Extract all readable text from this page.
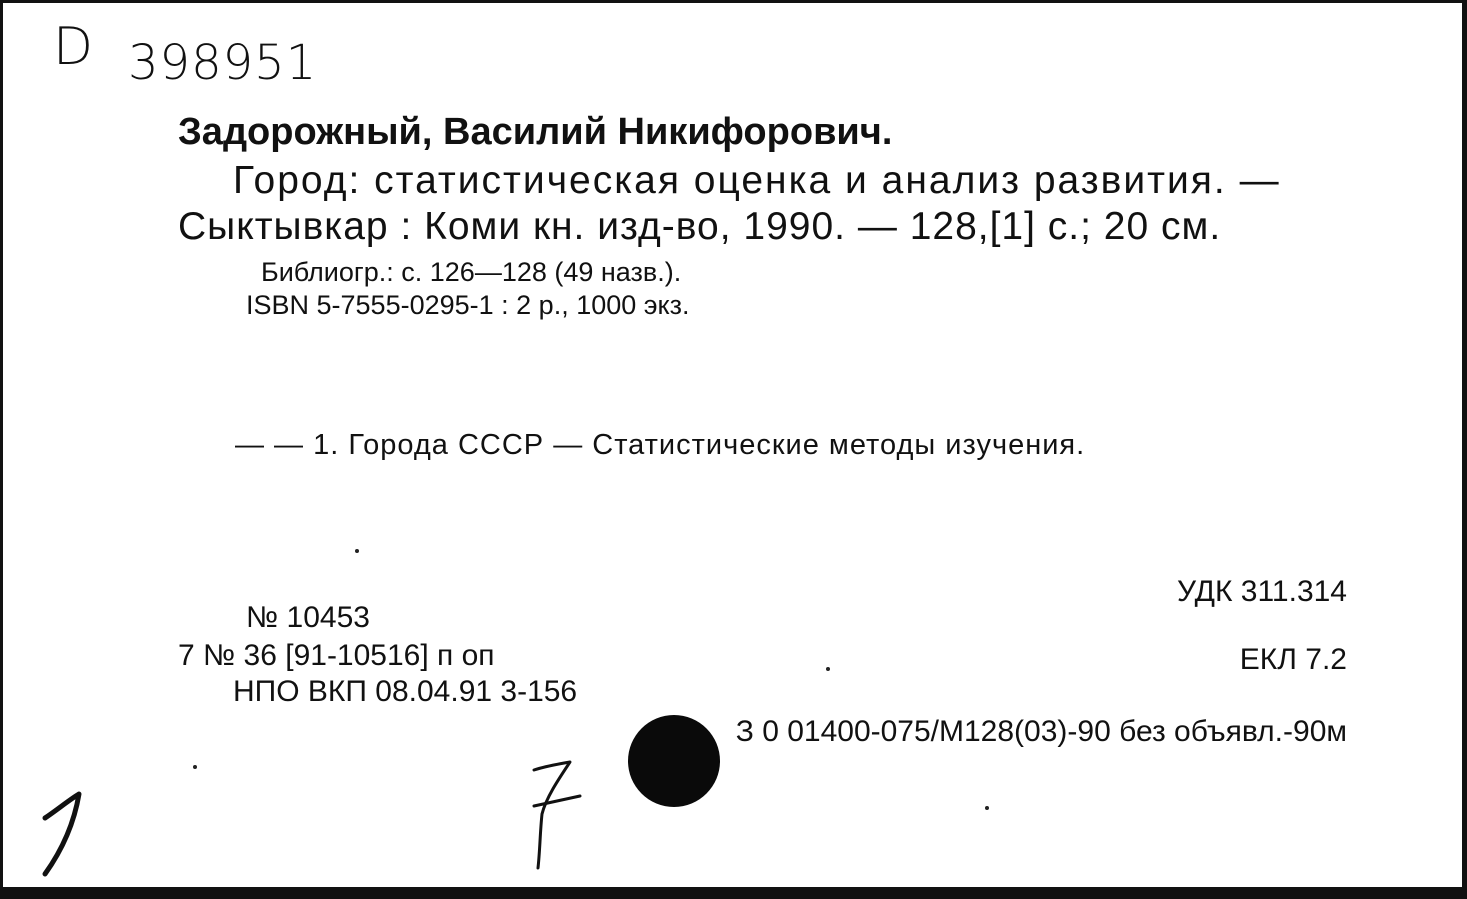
D 398951
Задорожный, Василий Никифорович.
Город: статистическая оценка и анализ развития. —
Сыктывкар : Коми кн. изд-во, 1990. — 128,[1] с.; 20 см.
Библиогр.: с. 126—128 (49 назв.).
ISBN 5-7555-0295-1 : 2 р., 1000 экз.
— — 1. Города СССР — Статистические методы изучения.
УДК 311.314
№ 10453
7 № 36 [91-10516] п оп	ЕКЛ 7.2
НПО ВКП 08.04.91 3-156
З 0 01400-075/М128(03)-90 без объявл.-90м
